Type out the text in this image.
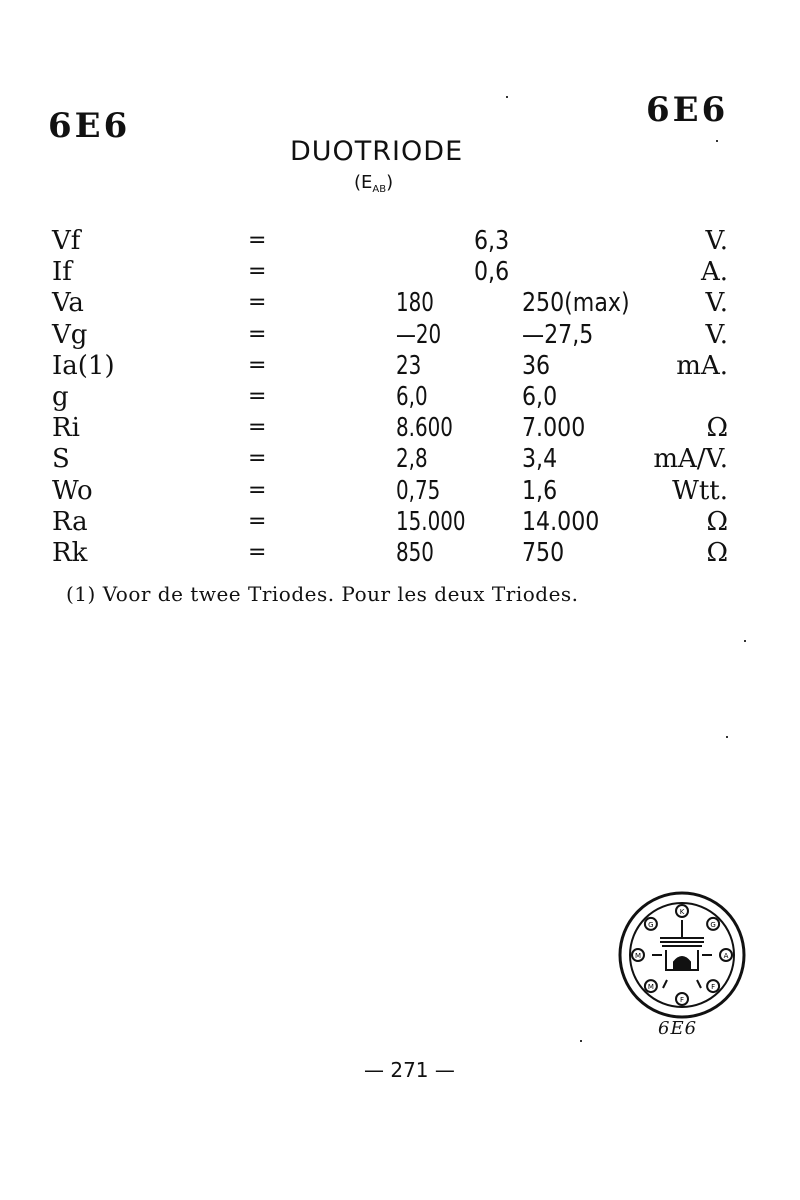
6E6	6E6
DUOTRIODE
$(E_{AB})$
Vf	=	6,3	V.
If	=	0,6	A.
Va	=	180	250(max)	V.
Vg	=	—20	—27,5	V.
Ia(1)	=	23	36	mA.
g	=	6,0	6,0
Ri	=	8.600	7.000	Ω
S	=	2,8	3,4	mA/V.
Wo	=	0,75	1,6	Wtt.
Ra	=	15.000 14.000	Ω
Rk	=	850	750	Ω
(1) Voor de twee Triodes. Pour les deux Triodes.
K
G
A
F
F
M
M
G
6E6
— 271 —
